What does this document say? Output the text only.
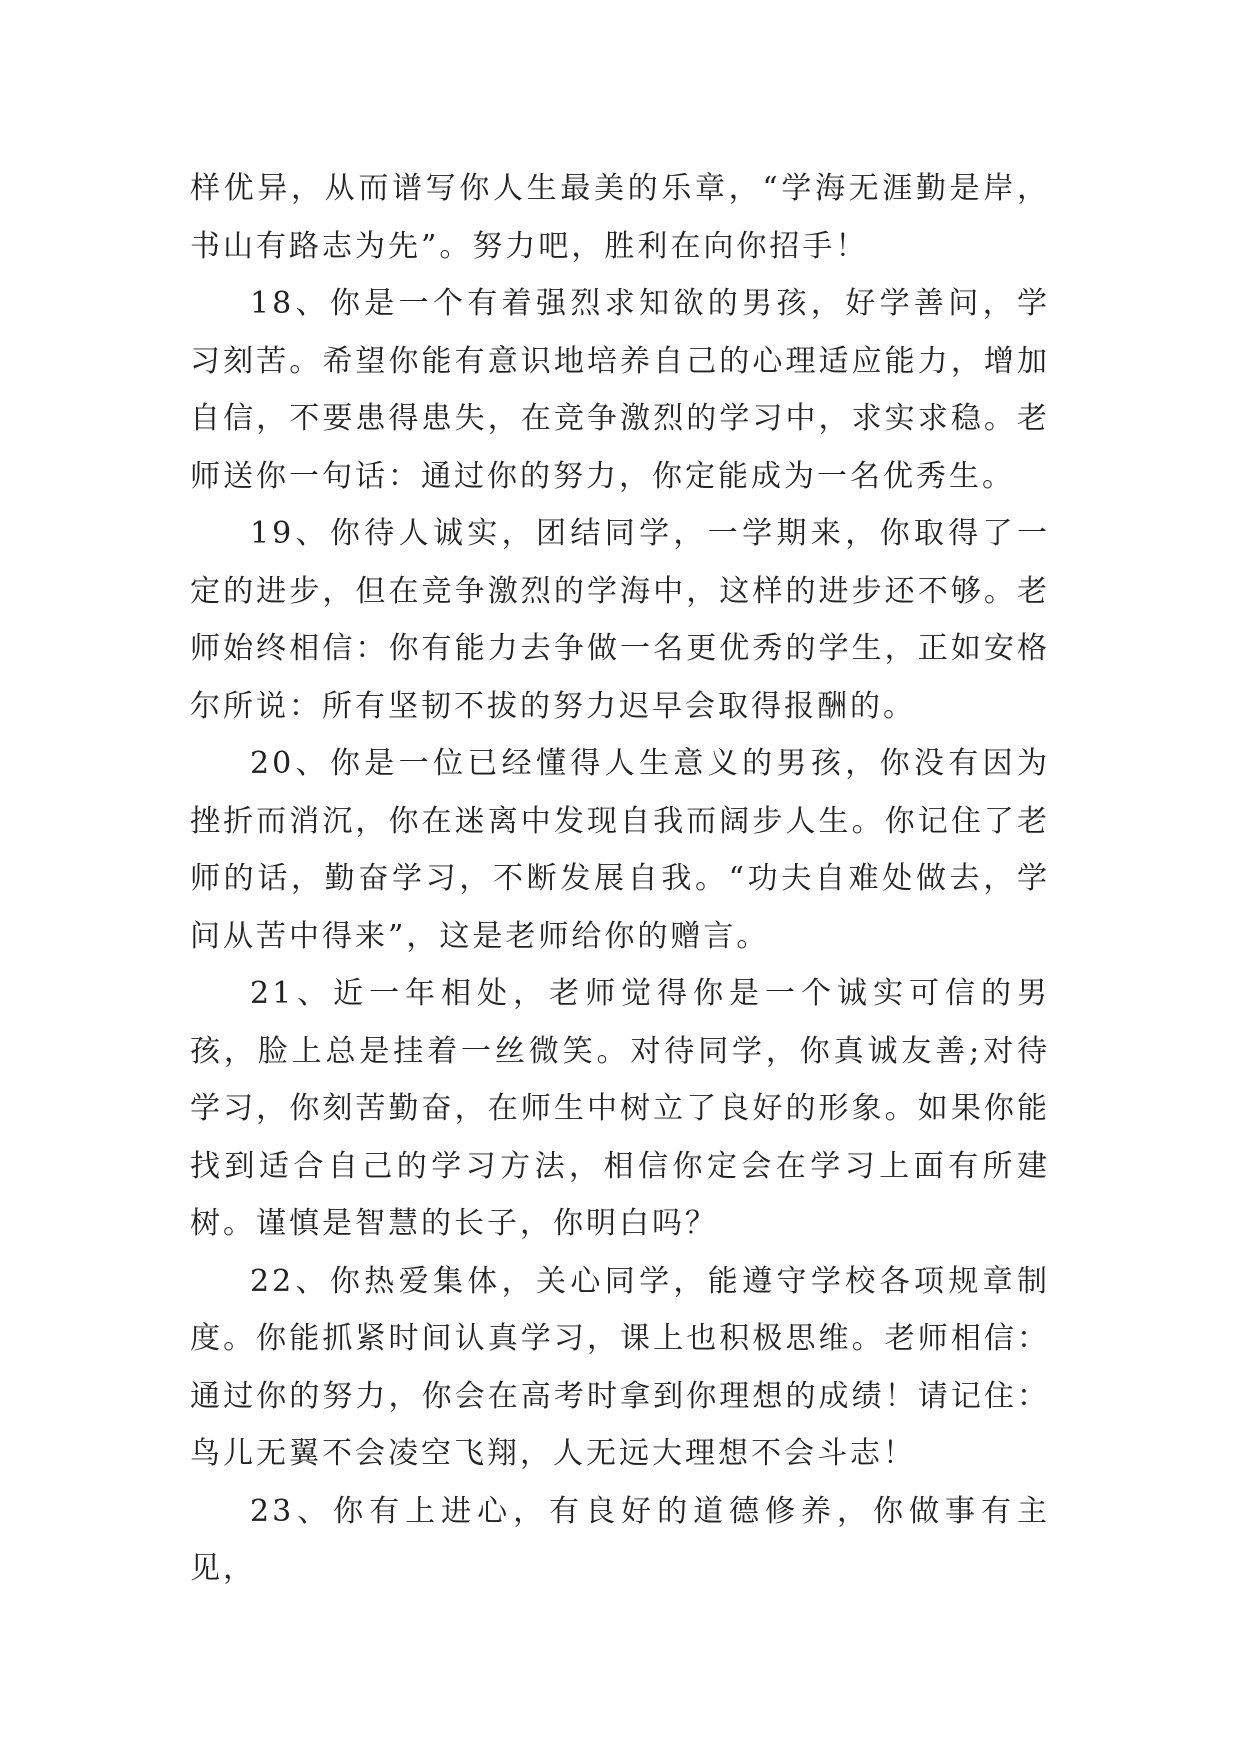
样优异，从而谱写你人生最美的乐章，“学海无涯勤是岸，书山有路志为先”。努力吧，胜利在向你招手！

18、你是一个有着强烈求知欲的男孩，好学善问，学习刻苦。希望你能有意识地培养自己的心理适应能力，增加自信，不要患得患失，在竞争激烈的学习中，求实求稳。老师送你一句话：通过你的努力，你定能成为一名优秀生。

19、你待人诚实，团结同学，一学期来，你取得了一定的进步，但在竞争激烈的学海中，这样的进步还不够。老师始终相信：你有能力去争做一名更优秀的学生，正如安格尔所说：所有坚韧不拔的努力迟早会取得报酬的。

20、你是一位已经懂得人生意义的男孩，你没有因为挫折而消沉，你在迷离中发现自我而阔步人生。你记住了老师的话，勤奋学习，不断发展自我。“功夫自难处做去，学问从苦中得来”，这是老师给你的赠言。

21、近一年相处，老师觉得你是一个诚实可信的男孩，脸上总是挂着一丝微笑。对待同学，你真诚友善;对待学习，你刻苦勤奋，在师生中树立了良好的形象。如果你能找到适合自己的学习方法，相信你定会在学习上面有所建树。谨慎是智慧的长子，你明白吗？

22、你热爱集体，关心同学，能遵守学校各项规章制度。你能抓紧时间认真学习，课上也积极思维。老师相信：通过你的努力，你会在高考时拿到你理想的成绩！请记住：鸟儿无翼不会凌空飞翔，人无远大理想不会斗志！

23、你有上进心，有良好的道德修养，你做事有主见，
